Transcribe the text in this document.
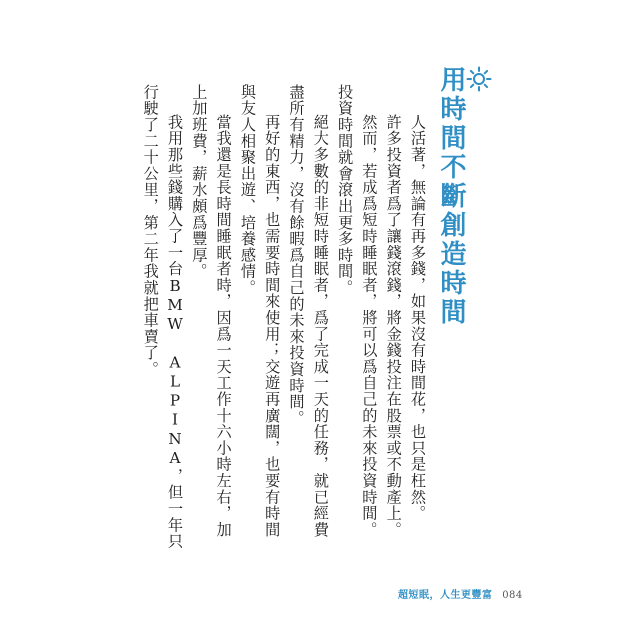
用時間不斷創造時間

人活著，無論有再多錢，如果沒有時間花，也只是枉然。

許多投資者爲了讓錢滾錢，將金錢投注在股票或不動產上。

然而，若成爲短時睡眠者，將可以爲自己的未來投資時間。投資時間就會滾出更多時間。

絕大多數的非短時睡眠者，爲了完成一天的任務，就已經費盡所有精力，沒有餘暇爲自己的未來投資時間。

再好的東西，也需要時間來使用；交遊再廣闊，也要有時間與友人相聚出遊、培養感情。

當我還是長時間睡眠者時，因爲一天工作十六小時左右，加上加班費，薪水頗爲豐厚。

我用那些錢購入了一台BMW ALPINA，但一年只行駛了二十公里，第二年我就把車賣了。

超短眠，人生更豐富 084
